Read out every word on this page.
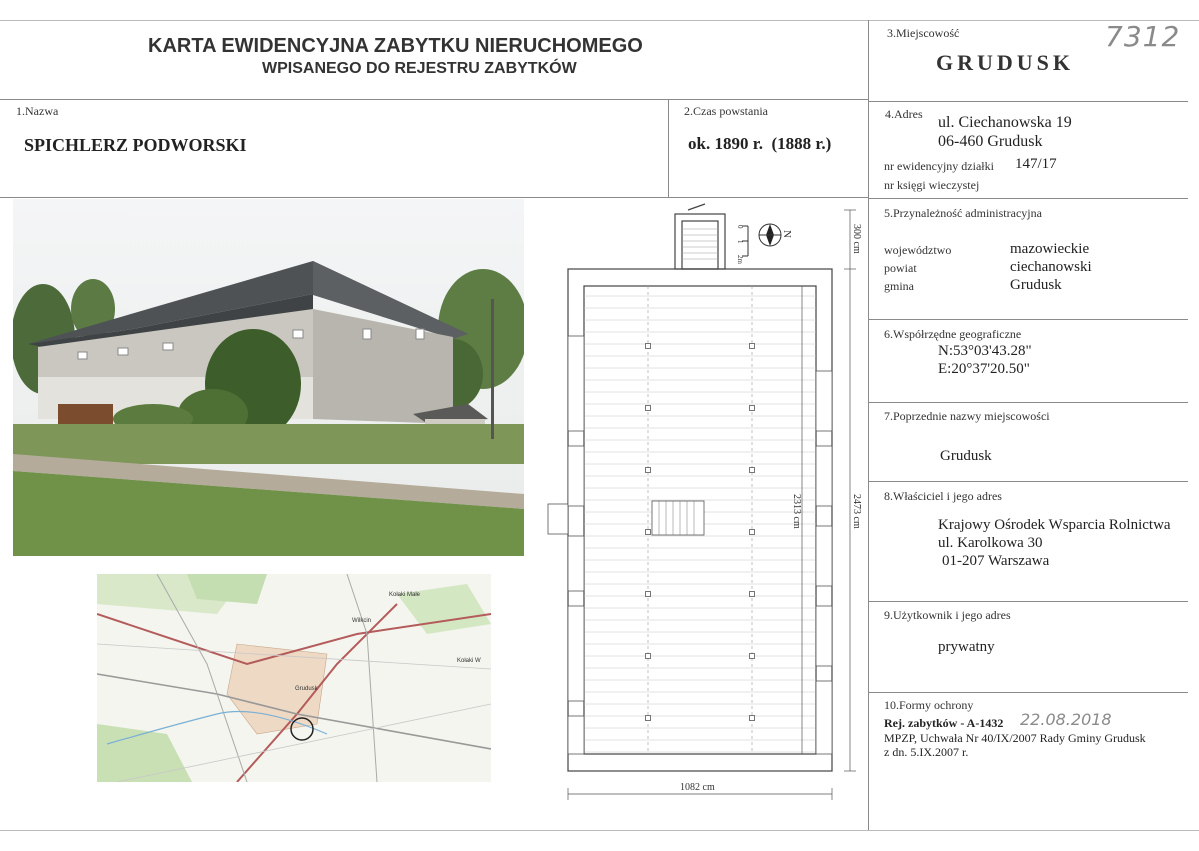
KARTA EWIDENCYJNA ZABYTKU NIERUCHOMEGO
WPISANEGO DO REJESTRU ZABYTKÓW
3.Miejscowość
GRUDUSK
7312
1.Nazwa
SPICHLERZ PODWORSKI
2.Czas powstania
ok. 1890 r.  (1888 r.)
4.Adres ul. Ciechanowska 19
06-460 Grudusk
nr ewidencyjny działki 147/17
nr księgi wieczystej
5.Przynależność administracyjna
województwo	mazowieckie
powiat	ciechanowski
gmina	Grudusk
6.Współrzędne geograficzne
N:53°03'43.28"
E:20°37'20.50"
7.Poprzednie nazwy miejscowości
Grudusk
8.Właściciel i jego adres
Krajowy Ośrodek Wsparcia Rolnictwa
ul. Karolkowa 30
01-207 Warszawa
9.Użytkownik i jego adres
prywatny
10.Formy ochrony
Rej. zabytków - A-1432 22.08.2018
MPZP, Uchwała Nr 40/IX/2007 Rady Gminy Grudusk
z dn. 5.IX.2007 r.
Kołaki Małe
Wilkcin
Grudusk
Kołaki W
N
0
1
2m
1082 cm
2313 cm	2473 cm
300 cm
